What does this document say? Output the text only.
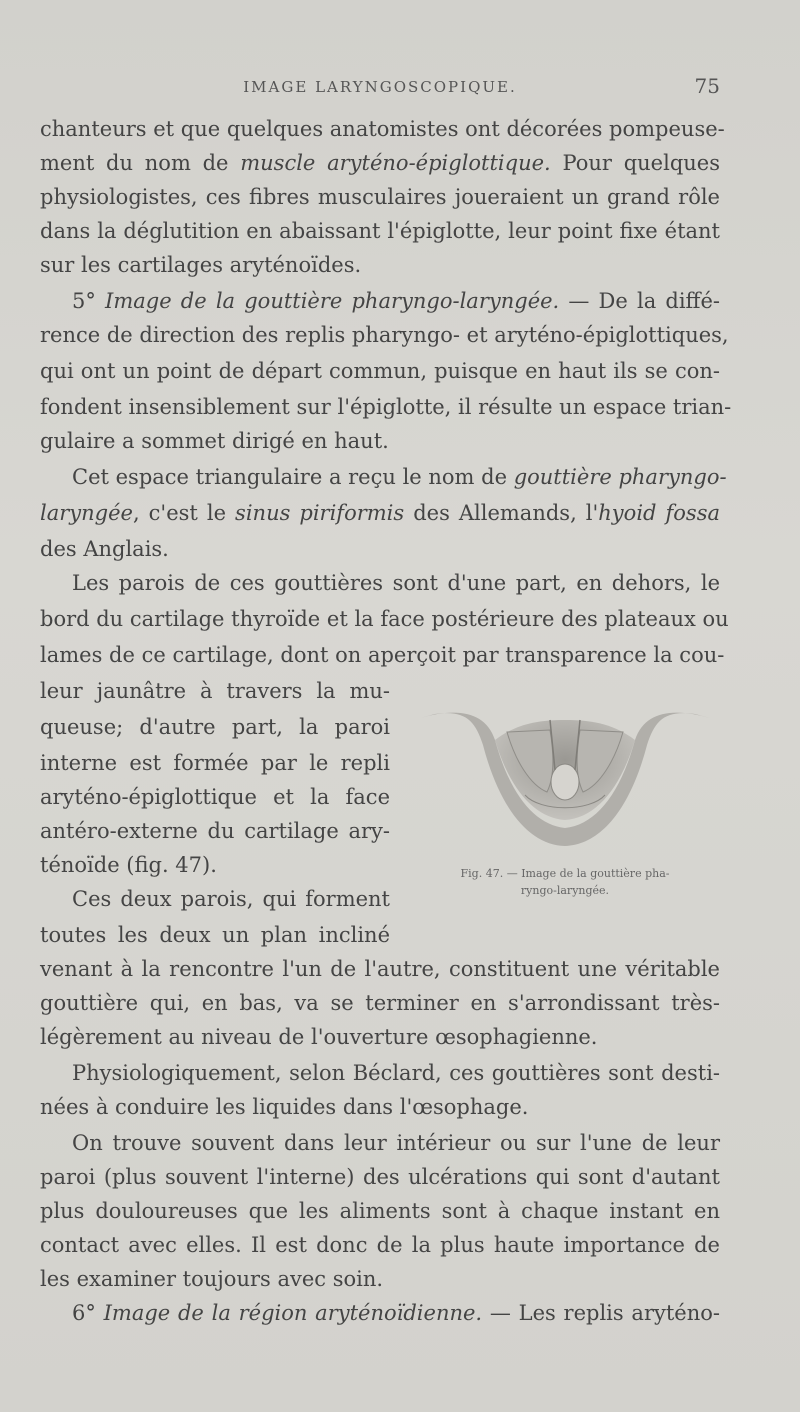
IMAGE LARYNGOSCOPIQUE.	75
chanteurs et que quelques anatomistes ont décorées pompeuse-
ment du nom de muscle aryténo-épiglottique. Pour quelques
physiologistes, ces fibres musculaires joueraient un grand rôle
dans la déglutition en abaissant l'épiglotte, leur point fixe étant
sur les cartilages aryténoïdes.
5° Image de la gouttière pharyngo-laryngée. — De la diffé-
rence de direction des replis pharyngo- et aryténo-épiglottiques,
qui ont un point de départ commun, puisque en haut ils se con-
fondent insensiblement sur l'épiglotte, il résulte un espace trian-
gulaire a sommet dirigé en haut.
Cet espace triangulaire a reçu le nom de gouttière pharyngo-
laryngée, c'est le sinus piriformis des Allemands, l'hyoid fossa
des Anglais.
Les parois de ces gouttières sont d'une part, en dehors, le
bord du cartilage thyroïde et la face postérieure des plateaux ou
lames de ce cartilage, dont on aperçoit par transparence la cou-
leur jaunâtre à travers la mu-
queuse; d'autre part, la paroi
interne est formée par le repli
aryténo-épiglottique et la face
antéro-externe du cartilage ary-
ténoïde (fig. 47).
Ces deux parois, qui forment
toutes les deux un plan incliné
Fig. 47. — Image de la gouttière pha-
ryngo-laryngée.
venant à la rencontre l'un de l'autre, constituent une véritable
gouttière qui, en bas, va se terminer en s'arrondissant très-
légèrement au niveau de l'ouverture œsophagienne.
Physiologiquement, selon Béclard, ces gouttières sont desti-
nées à conduire les liquides dans l'œsophage.
On trouve souvent dans leur intérieur ou sur l'une de leur
paroi (plus souvent l'interne) des ulcérations qui sont d'autant
plus douloureuses que les aliments sont à chaque instant en
contact avec elles. Il est donc de la plus haute importance de
les examiner toujours avec soin.
6° Image de la région aryténoïdienne. — Les replis aryténo-
